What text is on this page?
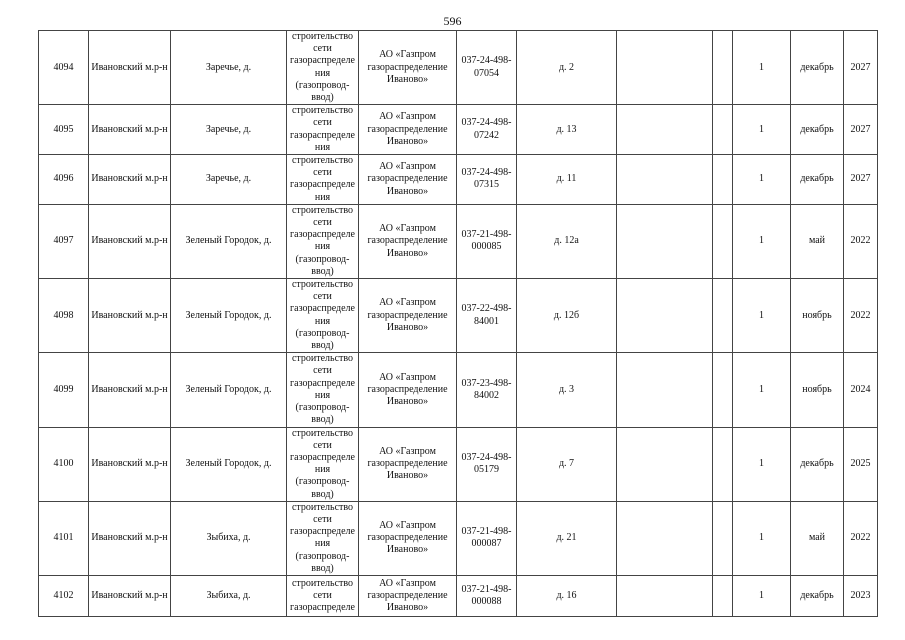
596
4094	Ивановский м.р-н	Заречье, д.	строительство сети газораспределения (газопровод-ввод)	АО «Газпром газораспределение Иваново»	037-24-498-07054	д. 2			1	декабрь	2027
4095	Ивановский м.р-н	Заречье, д.	строительство сети газораспределения	АО «Газпром газораспределение Иваново»	037-24-498-07242	д. 13			1	декабрь	2027
4096	Ивановский м.р-н	Заречье, д.	строительство сети газораспределения	АО «Газпром газораспределение Иваново»	037-24-498-07315	д. 11			1	декабрь	2027
4097	Ивановский м.р-н	Зеленый Городок, д.	строительство сети газораспределения (газопровод-ввод)	АО «Газпром газораспределение Иваново»	037-21-498-000085	д. 12а			1	май	2022
4098	Ивановский м.р-н	Зеленый Городок, д.	строительство сети газораспределения (газопровод-ввод)	АО «Газпром газораспределение Иваново»	037-22-498-84001	д. 12б			1	ноябрь	2022
4099	Ивановский м.р-н	Зеленый Городок, д.	строительство сети газораспределения (газопровод-ввод)	АО «Газпром газораспределение Иваново»	037-23-498-84002	д. 3			1	ноябрь	2024
4100	Ивановский м.р-н	Зеленый Городок, д.	строительство сети газораспределения (газопровод-ввод)	АО «Газпром газораспределение Иваново»	037-24-498-05179	д. 7			1	декабрь	2025
4101	Ивановский м.р-н	Зыбиха, д.	строительство сети газораспределения (газопровод-ввод)	АО «Газпром газораспределение Иваново»	037-21-498-000087	д. 21			1	май	2022
4102	Ивановский м.р-н	Зыбиха, д.	строительство сети газораспределе	АО «Газпром газораспределение Иваново»	037-21-498-000088	д. 16			1	декабрь	2023
